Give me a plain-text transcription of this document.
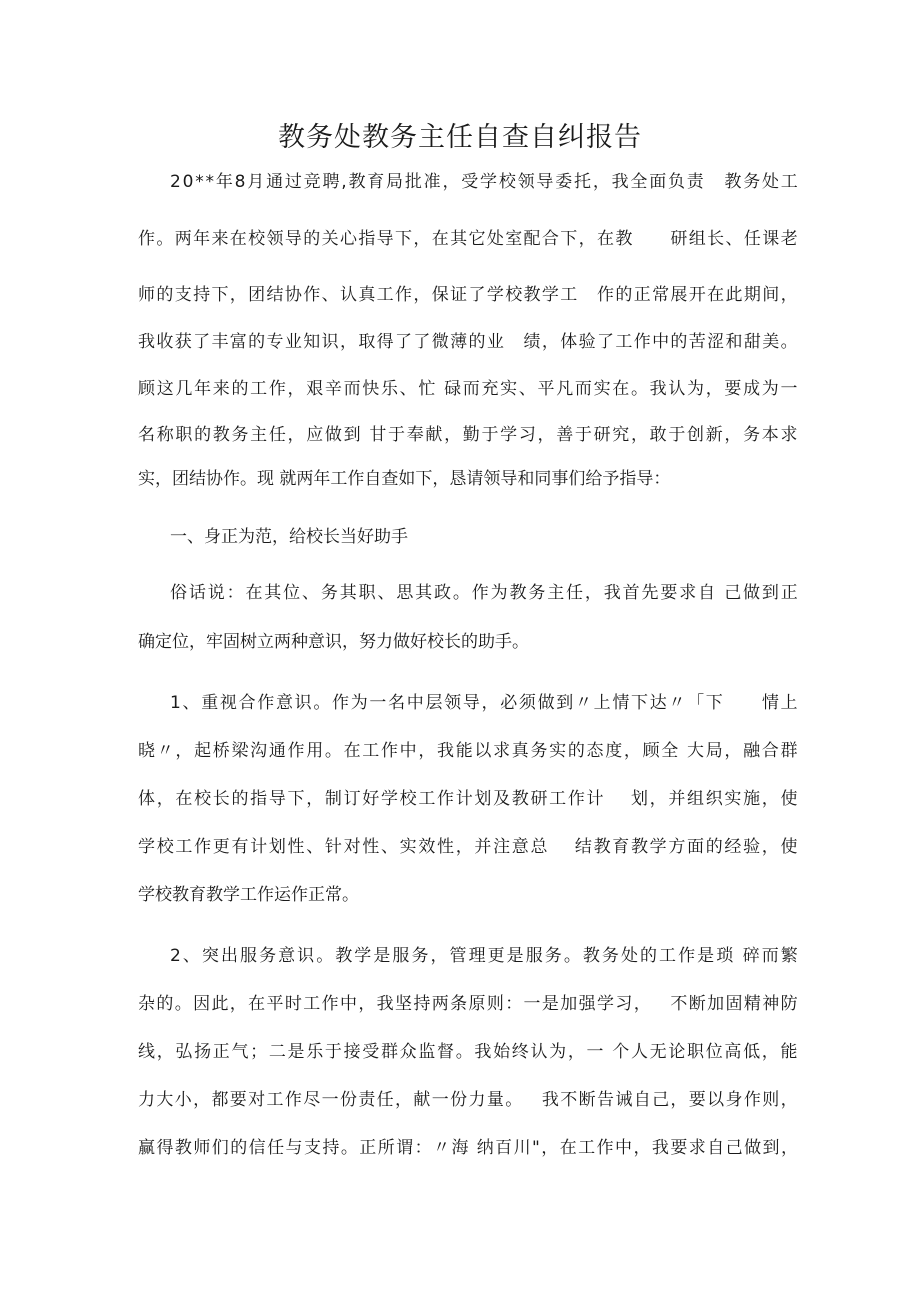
教务处教务主任自查自纠报告
2 0 * * 年 8 月 通 过 竞 聘 , 教 育 局 批 准 ， 受 学 校 领 导 委 托 ， 我 全 面 负 责
　 教 务 处 工
作 。 两 年 来 在 校 领 导 的 关 心 指 导 下 ， 在 其 它 处 室 配 合 下 ， 在 教

　 研 组 长 、 任 课 老
师 的 支 持 下 ， 团 结 协 作 、 认 真 工 作 ， 保 证 了 学 校 教 学 工
　 作 的 正 常 展 开 在 此 期 间 ，
我 收 获 了 丰 富 的 专 业 知 识 ， 取 得 了 了 微 薄 的 业
　 绩 ， 体 验 了 工 作 中 的 苦 涩 和 甜 美 。
顾 这 几 年 来 的 工 作 ， 艰 辛 而 快 乐 、 忙
碌 而 充 实 、 平 凡 而 实 在 。 我 认 为 ， 要 成 为 一
名 称 职 的 教 务 主 任 ， 应 做 到
甘 于 奉 献 ， 勤 于 学 习 ， 善 于 研 究 ， 敢 于 创 新 ， 务 本 求
实，团结协作。现 就两年工作自查如下，恳请领导和同事们给予指导：
一、身正为范，给校长当好助手
俗 话 说 ： 在 其 位 、 务 其 职 、 思 其 政 。 作 为 教 务 主 任 ， 我 首 先 要 求 自
己 做 到 正
确定位，牢固树立两种意识，努力做好校长的助手。
1 、 重 视 合 作 意 识 。 作 为 一 名 中 层 领 导 ， 必 须 做 到 〃 上 情 下 达 〃 「 下

　 情 上
晓 〃 ， 起 桥 梁 沟 通 作 用 。 在 工 作 中 ， 我 能 以 求 真 务 实 的 态 度 ， 顾 全
大 局 ， 融 合 群
体 ， 在 校 长 的 指 导 下 ， 制 订 好 学 校 工 作 计 划 及 教 研 工 作 计

划 ， 并 组 织 实 施 ， 使
学 校 工 作 更 有 计 划 性 、 针 对 性 、 实 效 性 ， 并 注 意 总

结 教 育 教 学 方 面 的 经 验 ， 使
学校教育教学工作运作正常。
2 、 突 出 服 务 意 识 。 教 学 是 服 务 ， 管 理 更 是 服 务 。 教 务 处 的 工 作 是 琐
碎 而 繁
杂 的 。 因 此 ， 在 平 时 工 作 中 ， 我 坚 持 两 条 原 则 ： 一 是 加 强 学 习 ，
　 不 断 加 固 精 神 防
线 ， 弘 扬 正 气 ； 二 是 乐 于 接 受 群 众 监 督 。 我 始 终 认 为 ， 一
个 人 无 论 职 位 高 低 ， 能
力 大 小 ， 都 要 对 工 作 尽 一 份 责 任 ， 献 一 份 力 量 。
　 我 不 断 告 诫 自 己 ， 要 以 身 作 则 ，
赢 得 教 师 们 的 信 任 与 支 持 。 正 所 谓 ： 〃 海
纳 百 川 " ， 在 工 作 中 ， 我 要 求 自 己 做 到 ，
